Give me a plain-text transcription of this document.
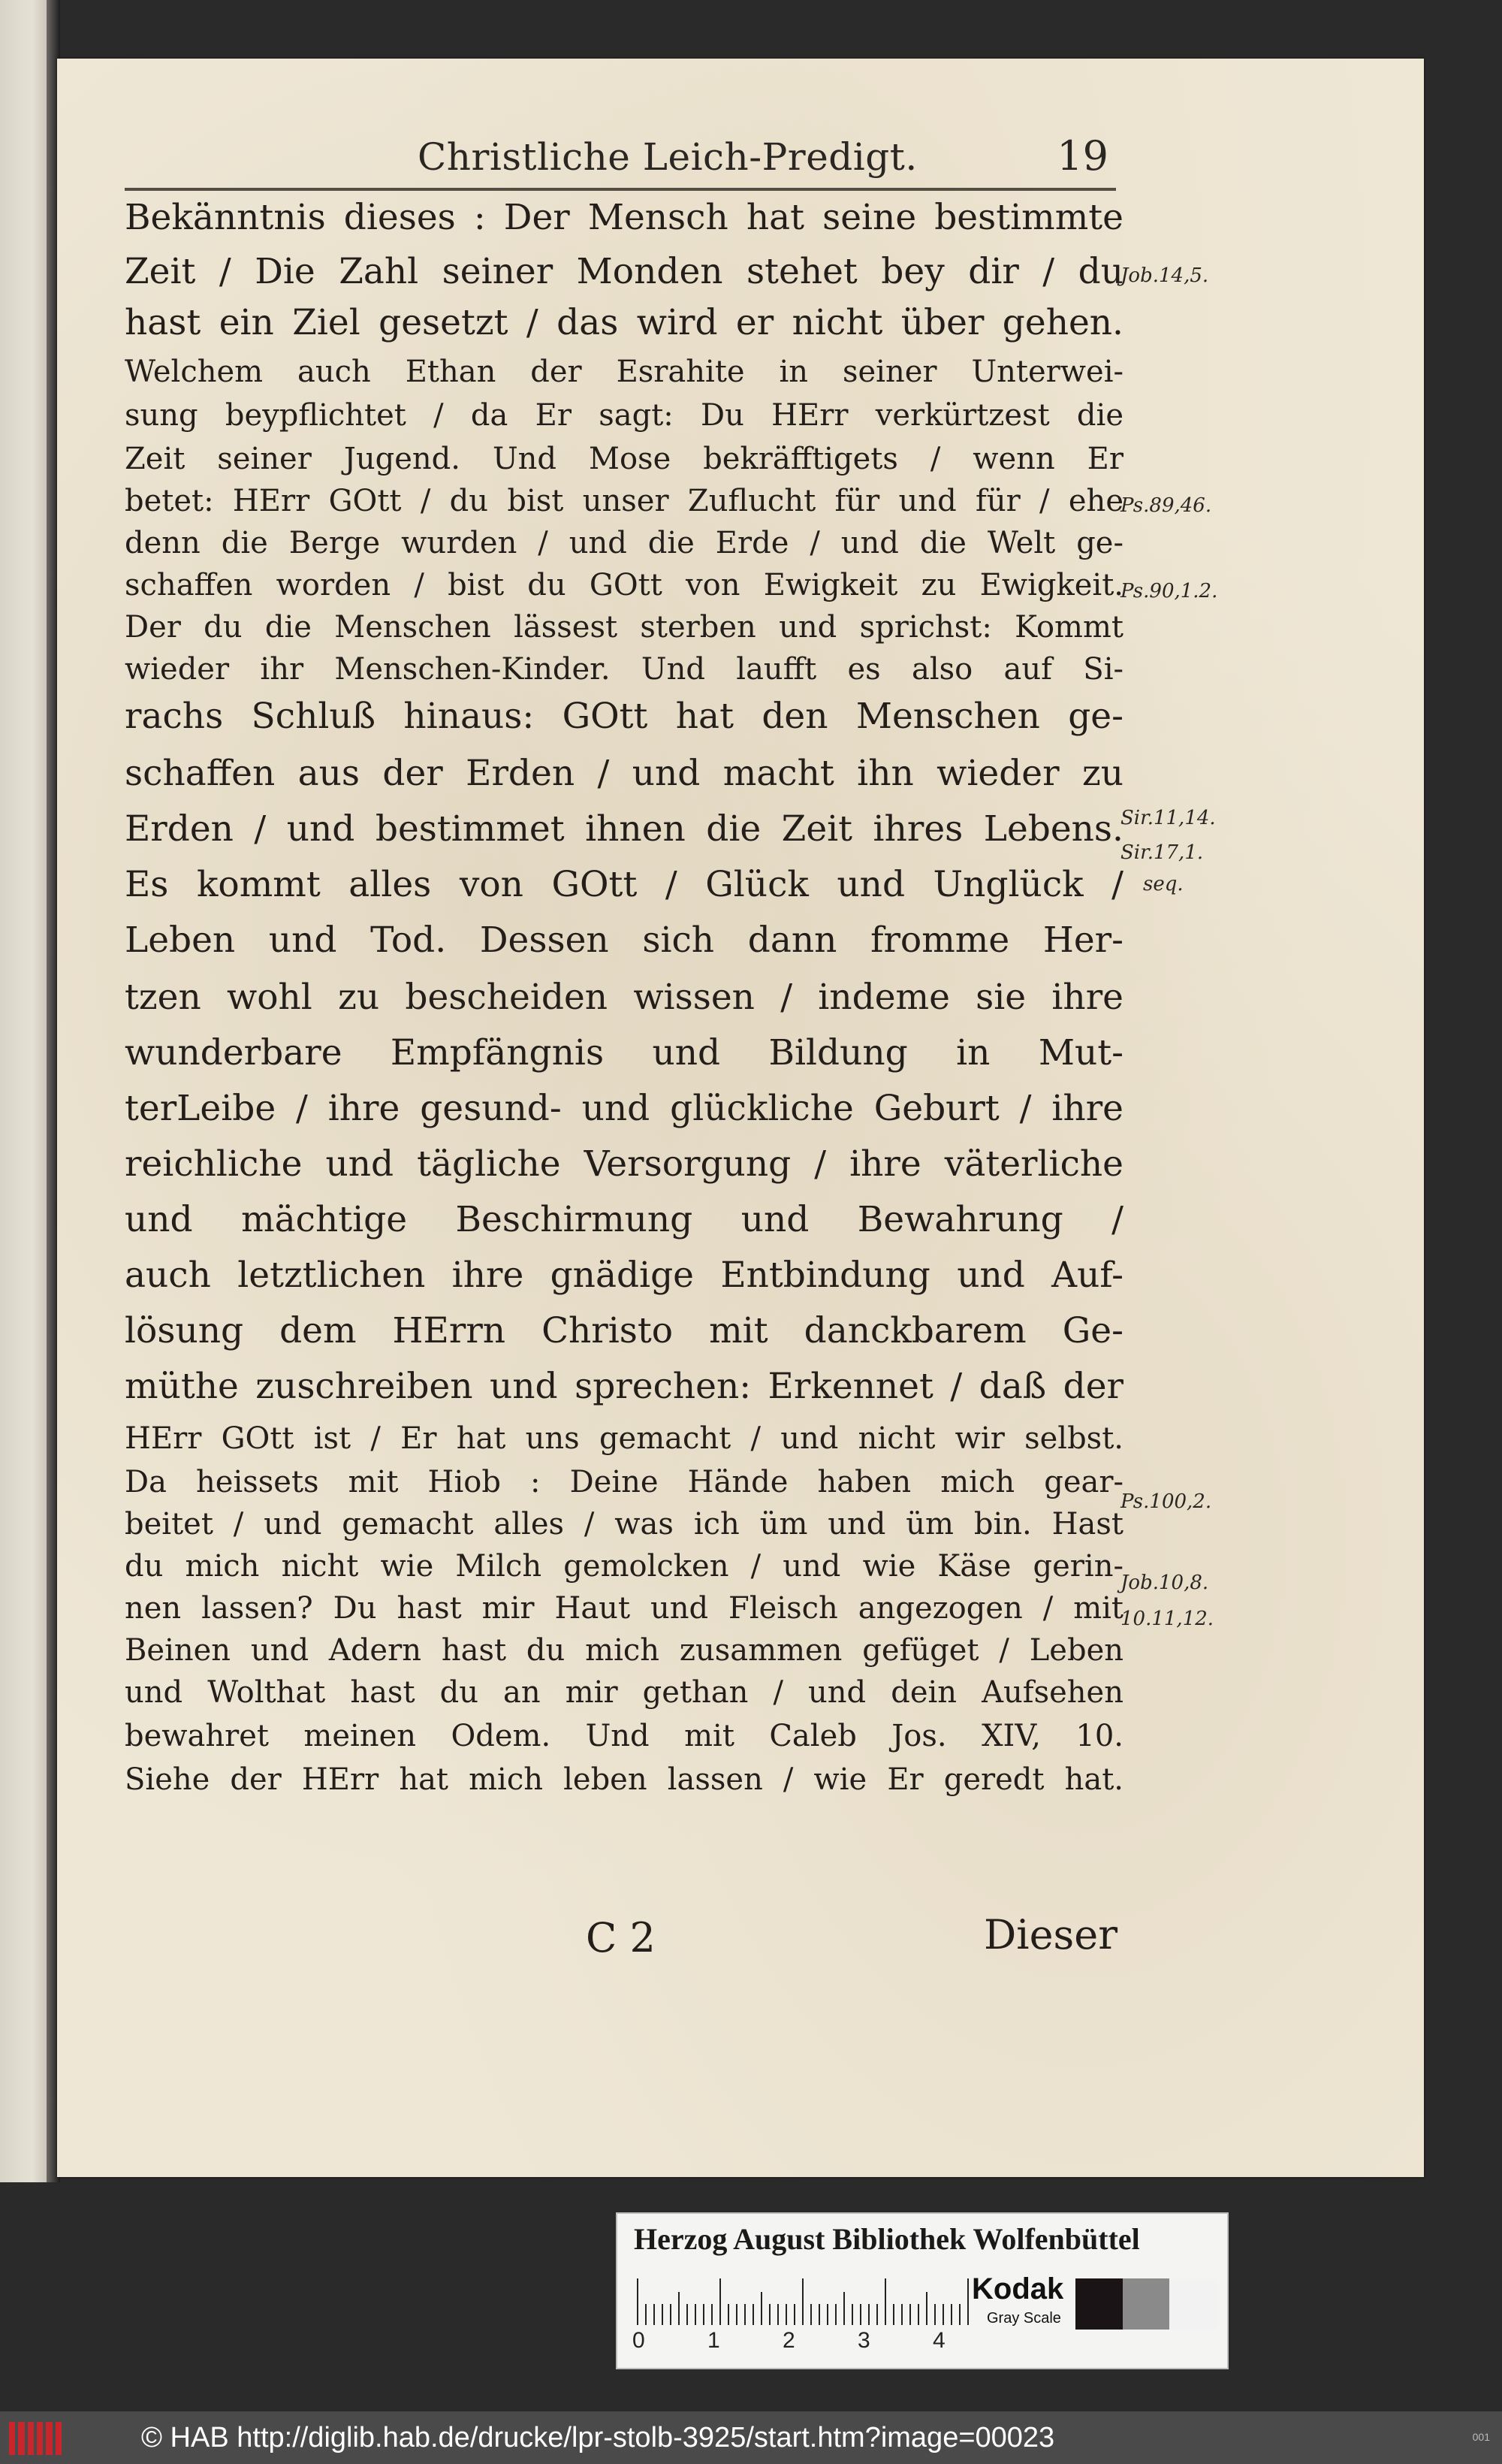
Christliche Leich-Predigt.	19
Bekänntnis dieses : Der Mensch hat seine bestimmte
Zeit / Die Zahl seiner Monden stehet bey dir / du
hast ein Ziel gesetzt / das wird er nicht über gehen.
Welchem auch Ethan der Esrahite in seiner Unterwei-
sung beypflichtet / da Er sagt: Du HErr verkürtzest die
Zeit seiner Jugend. Und Mose bekräfftigets / wenn Er
betet: HErr GOtt / du bist unser Zuflucht für und für / ehe
denn die Berge wurden / und die Erde / und die Welt ge-
schaffen worden / bist du GOtt von Ewigkeit zu Ewigkeit.
Der du die Menschen lässest sterben und sprichst: Kommt
wieder ihr Menschen-Kinder. Und laufft es also auf Si-
rachs Schluß hinaus: GOtt hat den Menschen ge-
schaffen aus der Erden / und macht ihn wieder zu
Erden / und bestimmet ihnen die Zeit ihres Lebens.
Es kommt alles von GOtt / Glück und Unglück /
Leben und Tod. Dessen sich dann fromme Her-
tzen wohl zu bescheiden wissen / indeme sie ihre
wunderbare Empfängnis und Bildung in Mut-
terLeibe / ihre gesund- und glückliche Geburt / ihre
reichliche und tägliche Versorgung / ihre väterliche
und mächtige Beschirmung und Bewahrung /
auch letztlichen ihre gnädige Entbindung und Auf-
lösung dem HErrn Christo mit danckbarem Ge-
müthe zuschreiben und sprechen: Erkennet / daß der
HErr GOtt ist / Er hat uns gemacht / und nicht wir selbst.
Da heissets mit Hiob : Deine Hände haben mich gear-
beitet / und gemacht alles / was ich üm und üm bin. Hast
du mich nicht wie Milch gemolcken / und wie Käse gerin-
nen lassen? Du hast mir Haut und Fleisch angezogen / mit
Beinen und Adern hast du mich zusammen gefüget / Leben
und Wolthat hast du an mir gethan / und dein Aufsehen
bewahret meinen Odem. Und mit Caleb Jos. XIV, 10.
Siehe der HErr hat mich leben lassen / wie Er geredt hat.
Job.14,5.
Ps.89,46.
Ps.90,1.2.
Sir.11,14.
Sir.17,1.
seq.
Ps.100,2.
Job.10,8.
10.11,12.
C 2	Dieser
Herzog August Bibliothek Wolfenbüttel
0	1	2	3	4
Kodak
Gray Scale
© HAB http://diglib.hab.de/drucke/lpr-stolb-3925/start.htm?image=00023	001
